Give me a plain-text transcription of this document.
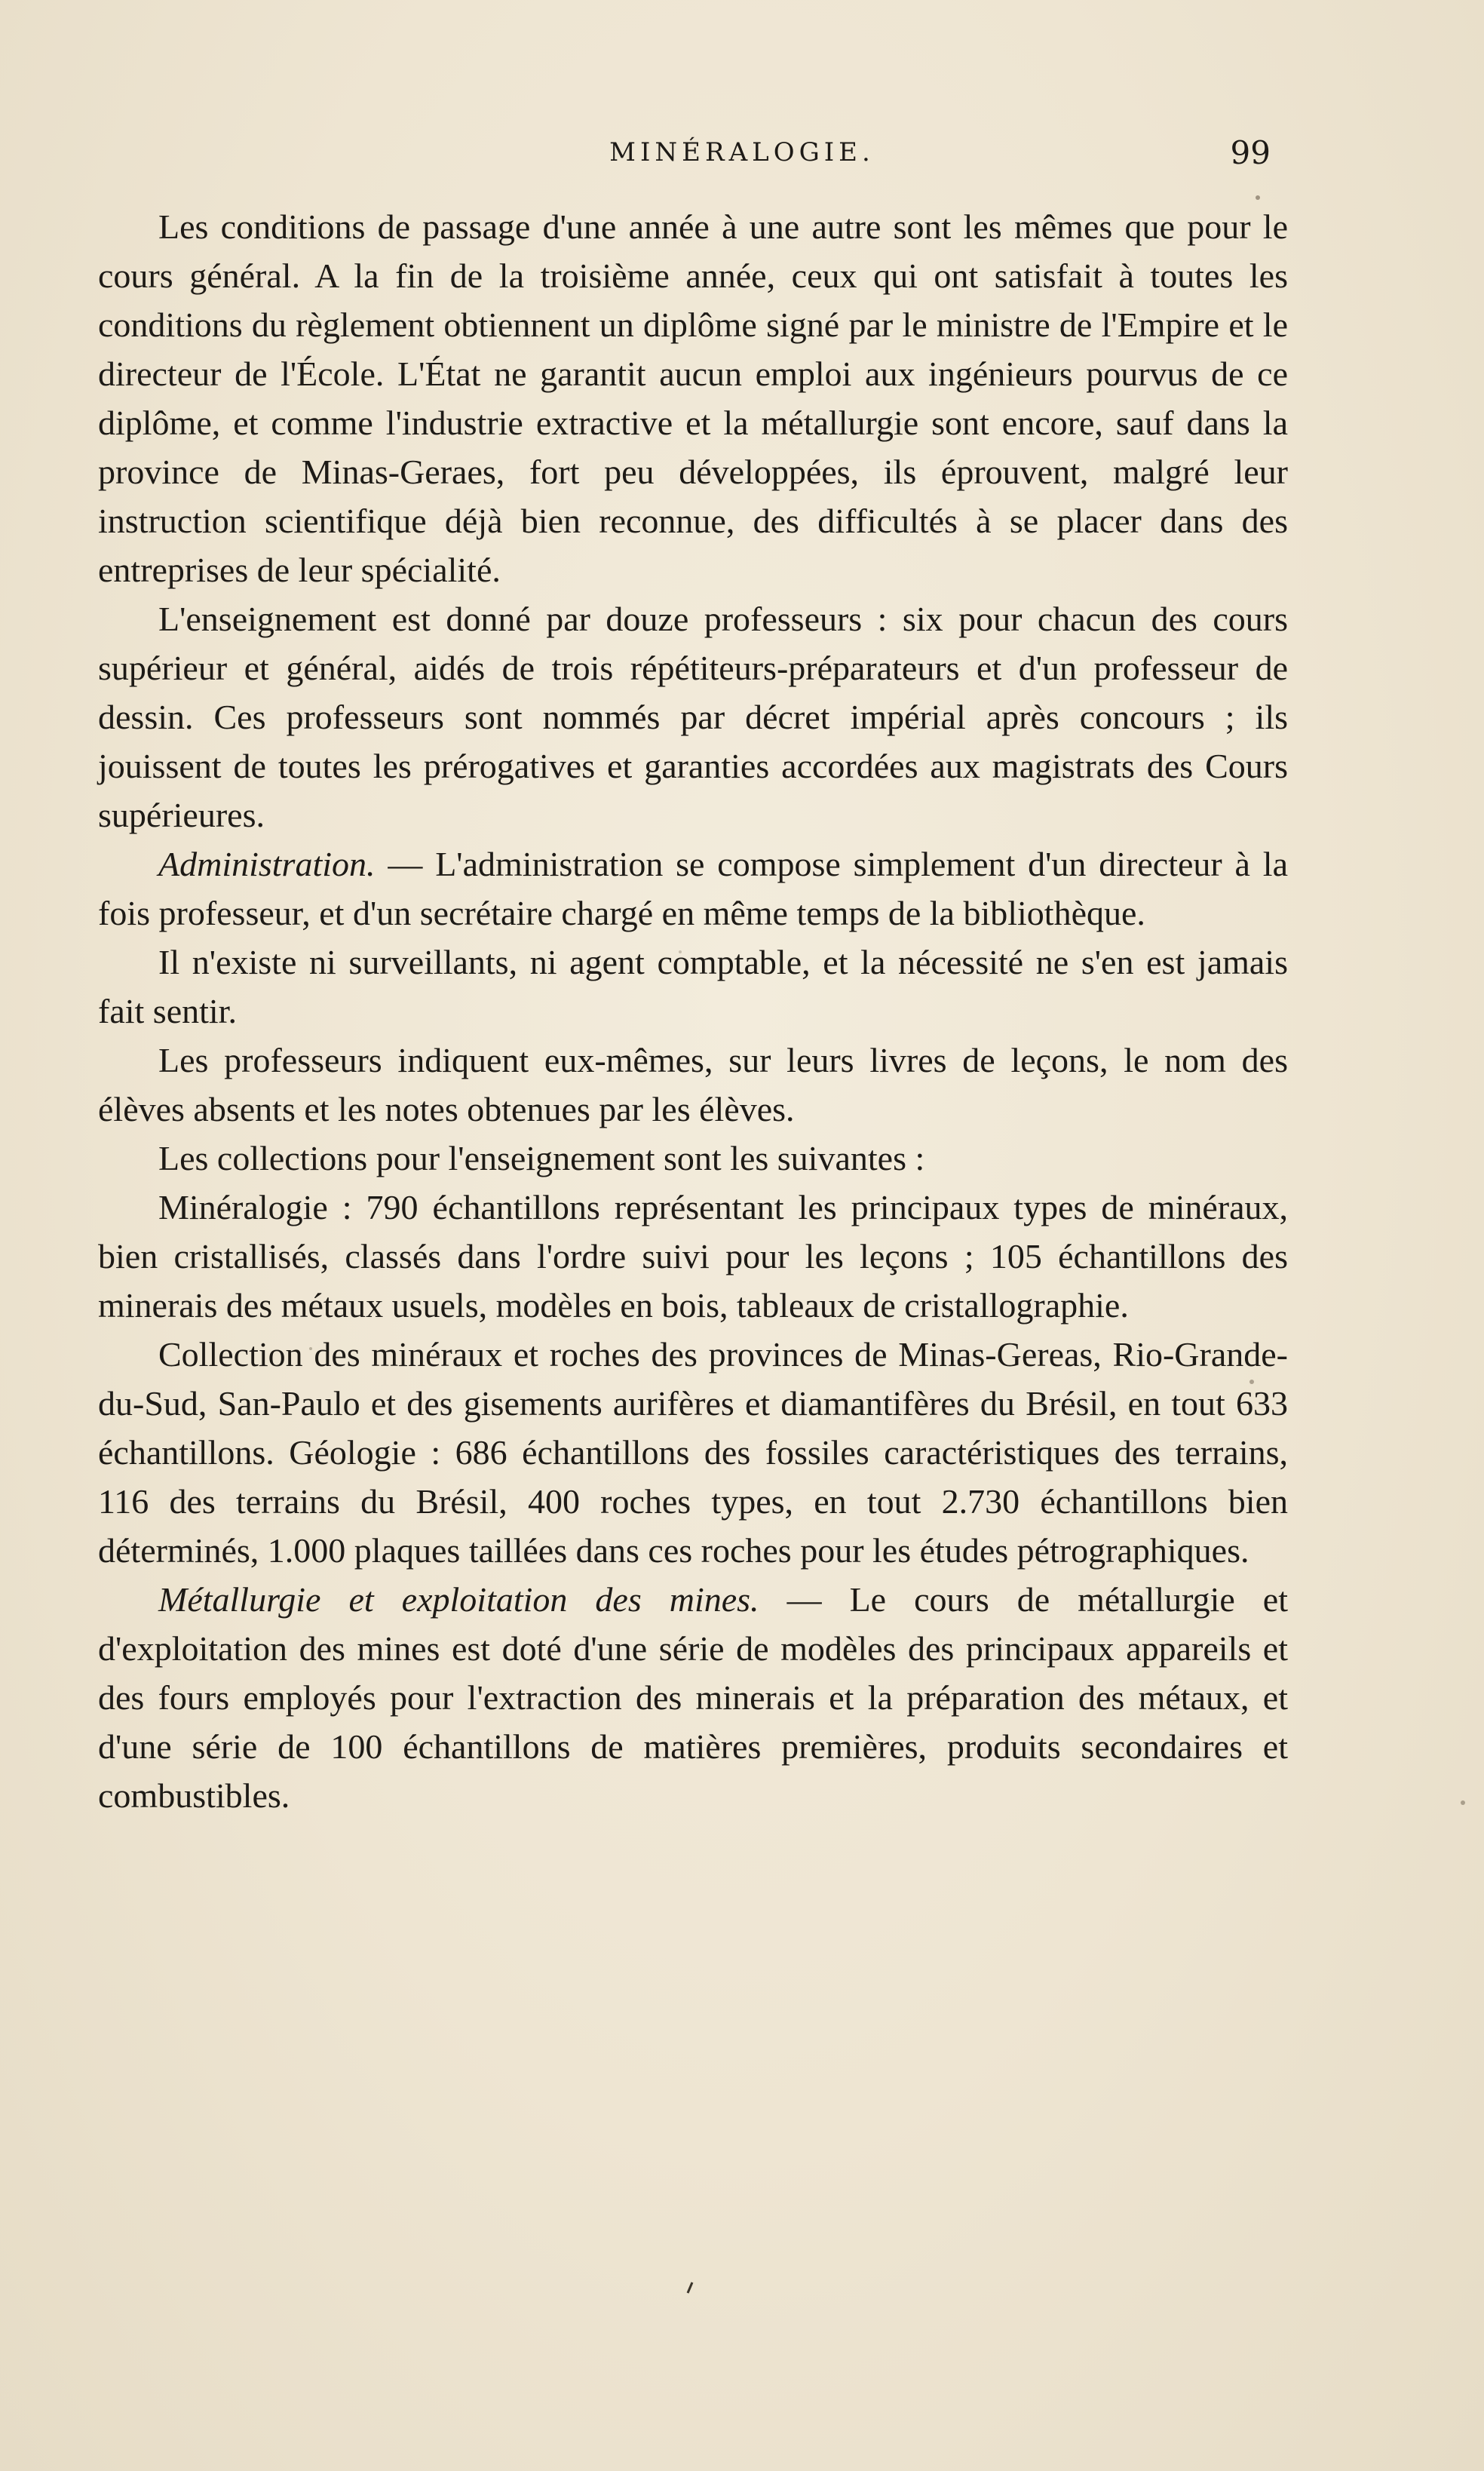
MINÉRALOGIE.	99

Les conditions de passage d'une année à une autre sont les mêmes que pour le cours général. A la fin de la troisième année, ceux qui ont satisfait à toutes les conditions du règlement obtiennent un diplôme signé par le ministre de l'Empire et le directeur de l'École. L'État ne garantit aucun emploi aux ingénieurs pourvus de ce diplôme, et comme l'industrie extractive et la métallurgie sont encore, sauf dans la province de Minas-Geraes, fort peu développées, ils éprouvent, malgré leur instruction scientifique déjà bien reconnue, des difficultés à se placer dans des entreprises de leur spécialité.

L'enseignement est donné par douze professeurs : six pour chacun des cours supérieur et général, aidés de trois répétiteurs-préparateurs et d'un professeur de dessin. Ces professeurs sont nommés par décret impérial après concours ; ils jouissent de toutes les prérogatives et garanties accordées aux magistrats des Cours supérieures.

Administration. — L'administration se compose simplement d'un directeur à la fois professeur, et d'un secrétaire chargé en même temps de la bibliothèque.

Il n'existe ni surveillants, ni agent comptable, et la nécessité ne s'en est jamais fait sentir.

Les professeurs indiquent eux-mêmes, sur leurs livres de leçons, le nom des élèves absents et les notes obtenues par les élèves.

Les collections pour l'enseignement sont les suivantes :

Minéralogie : 790 échantillons représentant les principaux types de minéraux, bien cristallisés, classés dans l'ordre suivi pour les leçons ; 105 échantillons des minerais des métaux usuels, modèles en bois, tableaux de cristallographie.

Collection des minéraux et roches des provinces de Minas-Gereas, Rio-Grande-du-Sud, San-Paulo et des gisements aurifères et diamantifères du Brésil, en tout 633 échantillons. Géologie : 686 échantillons des fossiles caractéristiques des terrains, 116 des terrains du Brésil, 400 roches types, en tout 2.730 échantillons bien déterminés, 1.000 plaques taillées dans ces roches pour les études pétrographiques.

Métallurgie et exploitation des mines. — Le cours de métallurgie et d'exploitation des mines est doté d'une série de modèles des principaux appareils et des fours employés pour l'extraction des minerais et la préparation des métaux, et d'une série de 100 échantillons de matières premières, produits secondaires et combustibles.
